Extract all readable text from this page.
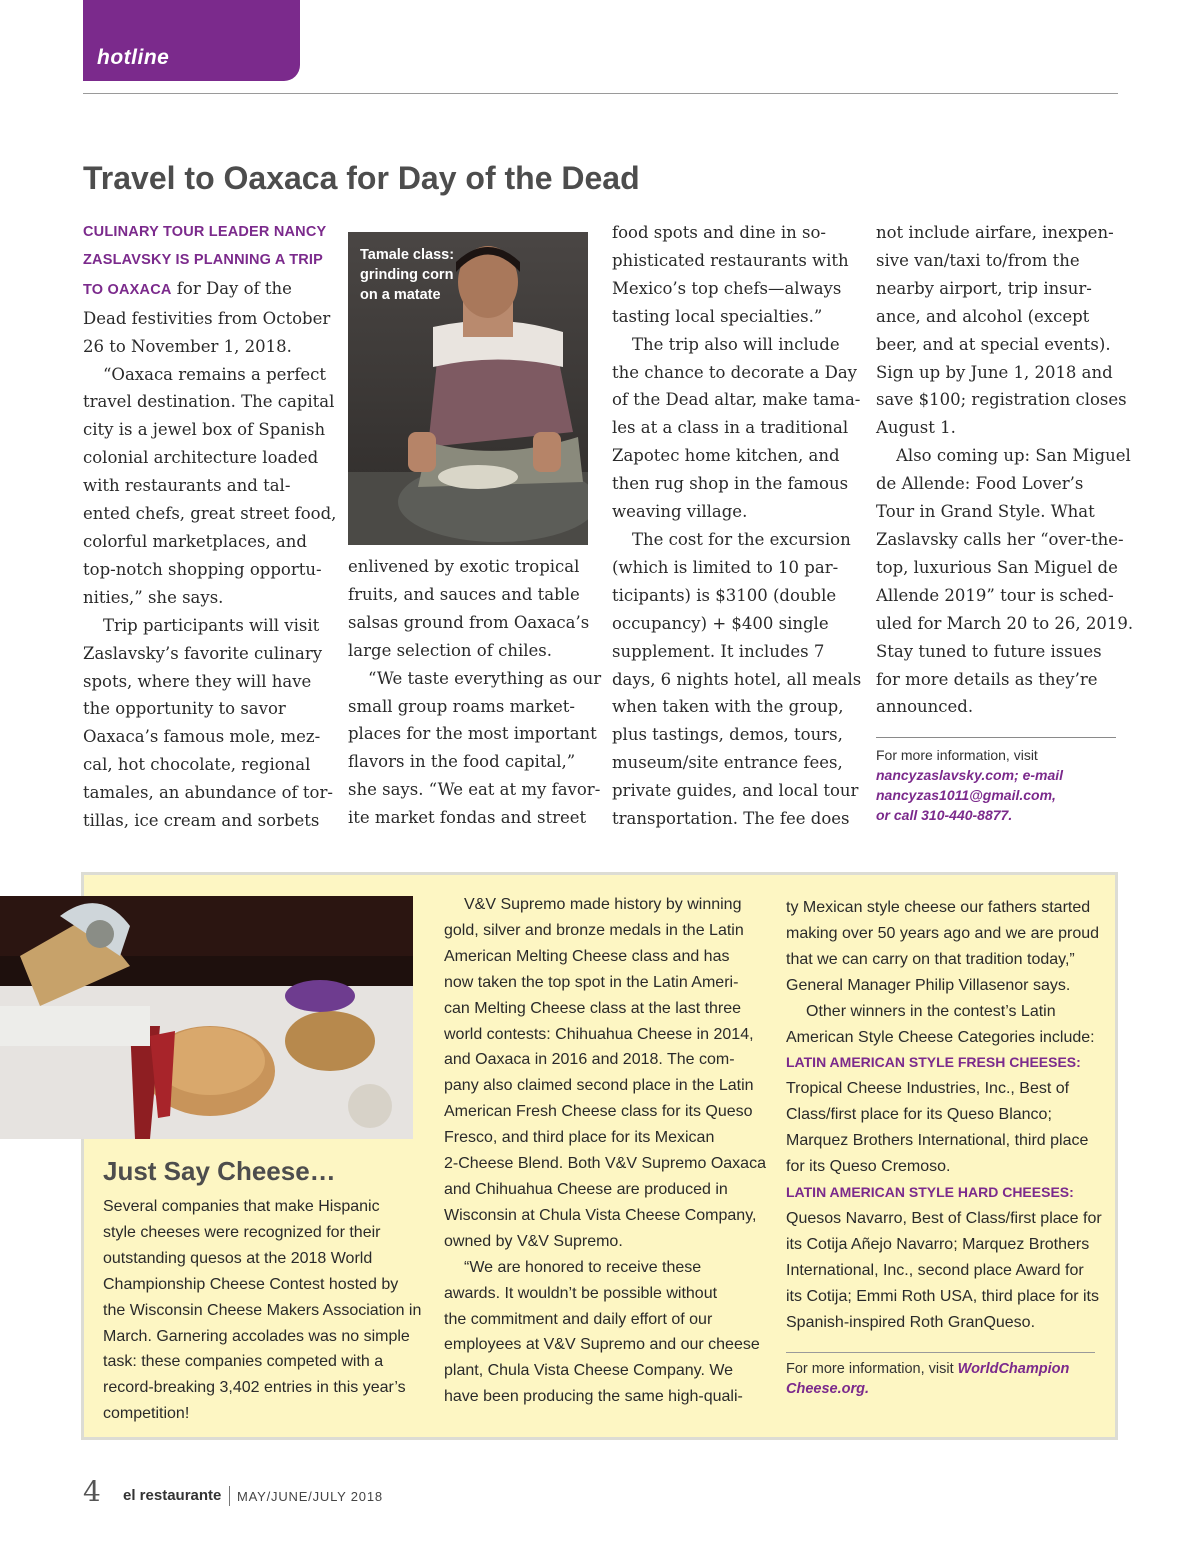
hotline
Travel to Oaxaca for Day of the Dead
CULINARY TOUR LEADER NANCY
ZASLAVSKY IS PLANNING A TRIP
TO OAXACA for Day of the
Dead festivities from October
26 to November 1, 2018.
“Oaxaca remains a perfect
travel destination. The capital
city is a jewel box of Spanish
colonial architecture loaded
with restaurants and tal-
ented chefs, great street food,
colorful marketplaces, and
top-notch shopping opportu-
nities,” she says.
Trip participants will visit
Zaslavsky’s favorite culinary
spots, where they will have
the opportunity to savor
Oaxaca’s famous mole, mez-
cal, hot chocolate, regional
tamales, an abundance of tor-
tillas, ice cream and sorbets
Tamale class:
grinding corn
on a matate
enlivened by exotic tropical
fruits, and sauces and table
salsas ground from Oaxaca’s
large selection of chiles.
“We taste everything as our
small group roams market-
places for the most important
flavors in the food capital,”
she says. “We eat at my favor-
ite market fondas and street
food spots and dine in so-
phisticated restaurants with
Mexico’s top chefs—always
tasting local specialties.”
The trip also will include
the chance to decorate a Day
of the Dead altar, make tama-
les at a class in a traditional
Zapotec home kitchen, and
then rug shop in the famous
weaving village.
The cost for the excursion
(which is limited to 10 par-
ticipants) is $3100 (double
occupancy) + $400 single
supplement. It includes 7
days, 6 nights hotel, all meals
when taken with the group,
plus tastings, demos, tours,
museum/site entrance fees,
private guides, and local tour
transportation. The fee does
not include airfare, inexpen-
sive van/taxi to/from the
nearby airport, trip insur-
ance, and alcohol (except
beer, and at special events).
Sign up by June 1, 2018 and
save $100; registration closes
August 1.
Also coming up: San Miguel
de Allende: Food Lover’s
Tour in Grand Style. What
Zaslavsky calls her “over-the-
top, luxurious San Miguel de
Allende 2019” tour is sched-
uled for March 20 to 26, 2019.
Stay tuned to future issues
for more details as they’re
announced.
For more information, visit
nancyzaslavsky.com; e-mail
nancyzas1011@gmail.com,
or call 310-440-8877.
Just Say Cheese…
Several companies that make Hispanic
style cheeses were recognized for their
outstanding quesos at the 2018 World
Championship Cheese Contest hosted by
the Wisconsin Cheese Makers Association in
March. Garnering accolades was no simple
task: these companies competed with a
record-breaking 3,402 entries in this year’s
competition!
V&V Supremo made history by winning
gold, silver and bronze medals in the Latin
American Melting Cheese class and has
now taken the top spot in the Latin Ameri-
can Melting Cheese class at the last three
world contests: Chihuahua Cheese in 2014,
and Oaxaca in 2016 and 2018. The com-
pany also claimed second place in the Latin
American Fresh Cheese class for its Queso
Fresco, and third place for its Mexican
2-Cheese Blend. Both V&V Supremo Oaxaca
and Chihuahua Cheese are produced in
Wisconsin at Chula Vista Cheese Company,
owned by V&V Supremo.
“We are honored to receive these
awards. It wouldn’t be possible without
the commitment and daily effort of our
employees at V&V Supremo and our cheese
plant, Chula Vista Cheese Company. We
have been producing the same high-quali-
ty Mexican style cheese our fathers started
making over 50 years ago and we are proud
that we can carry on that tradition today,”
General Manager Philip Villasenor says.
Other winners in the contest’s Latin
American Style Cheese Categories include:
LATIN AMERICAN STYLE FRESH CHEESES:
Tropical Cheese Industries, Inc., Best of
Class/first place for its Queso Blanco;
Marquez Brothers International, third place
for its Queso Cremoso.
LATIN AMERICAN STYLE HARD CHEESES:
Quesos Navarro, Best of Class/first place for
its Cotija Añejo Navarro; Marquez Brothers
International, Inc., second place Award for
its Cotija; Emmi Roth USA, third place for its
Spanish-inspired Roth GranQueso.
For more information, visit WorldChampion
Cheese.org.
4 el restaurante MAY/JUNE/JULY 2018
